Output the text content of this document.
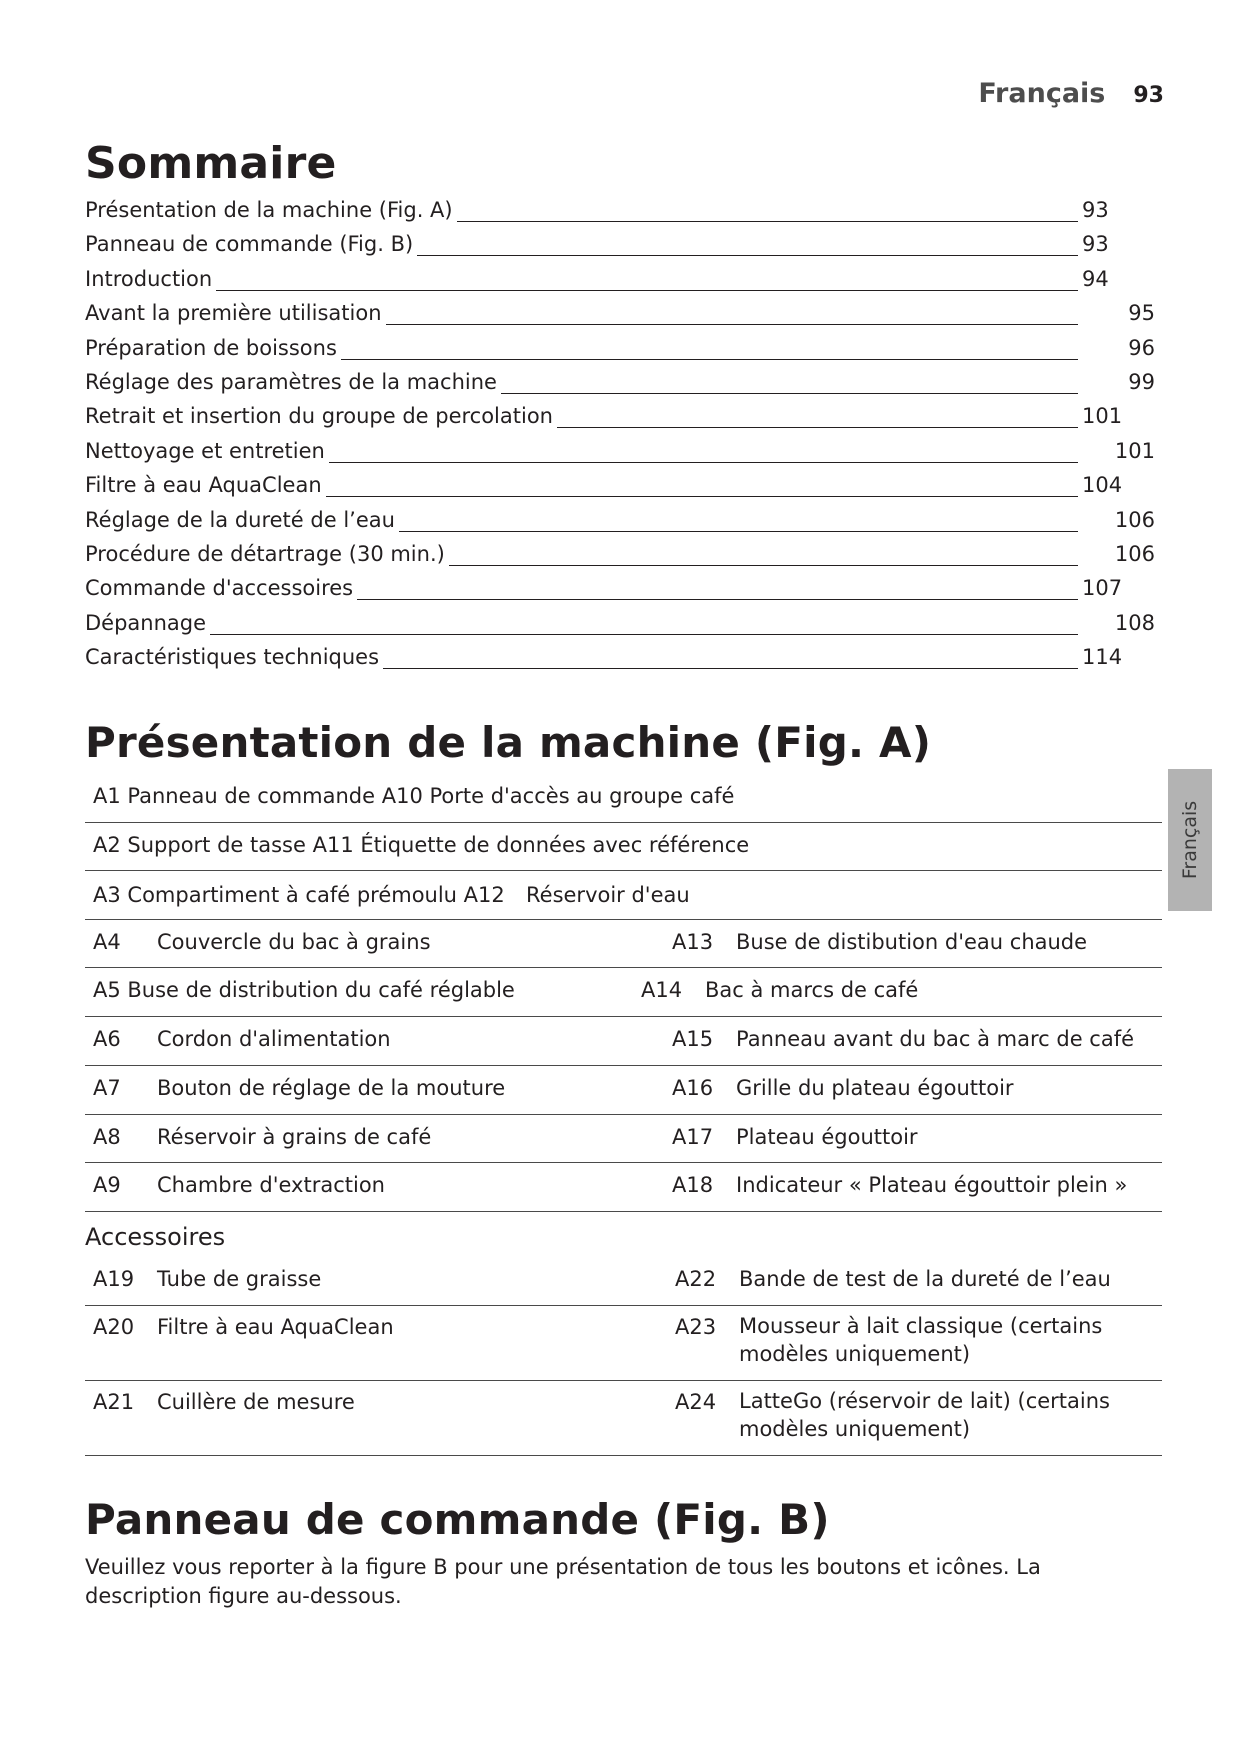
Français 93
Français
Sommaire
Présentation de la machine (Fig. A)	93
Panneau de commande (Fig. B)	93
Introduction	94
Avant la première utilisation	95
Préparation de boissons	96
Réglage des paramètres de la machine	99
Retrait et insertion du groupe de percolation	101
Nettoyage et entretien	101
Filtre à eau AquaClean	104
Réglage de la dureté de l’eau	106
Procédure de détartrage (30 min.)	106
Commande d'accessoires	107
Dépannage	108
Caractéristiques techniques	114
Présentation de la machine (Fig. A)
A1 Panneau de commande A10 Porte d'accès au groupe café
A2 Support de tasse A11 Étiquette de données avec référence
A3 Compartiment à café prémoulu A12 Réservoir d'eau
A4 Couvercle du bac à grains	A13 Buse de distibution d'eau chaude
A5 Buse de distribution du café réglable	A14 Bac à marcs de café
A6 Cordon d'alimentation	A15 Panneau avant du bac à marc de café
A7 Bouton de réglage de la mouture	A16 Grille du plateau égouttoir
A8 Réservoir à grains de café	A17 Plateau égouttoir
A9 Chambre d'extraction	A18 Indicateur « Plateau égouttoir plein »
Accessoires
A19 Tube de graisse	A22 Bande de test de la dureté de l’eau
A20 Filtre à eau AquaClean	A23 Mousseur à lait classique (certains modèles uniquement)
A21 Cuillère de mesure	A24 LatteGo (réservoir de lait) (certains modèles uniquement)
Panneau de commande (Fig. B)

Veuillez vous reporter à la figure B pour une présentation de tous les boutons et icônes. La description figure au-dessous.
